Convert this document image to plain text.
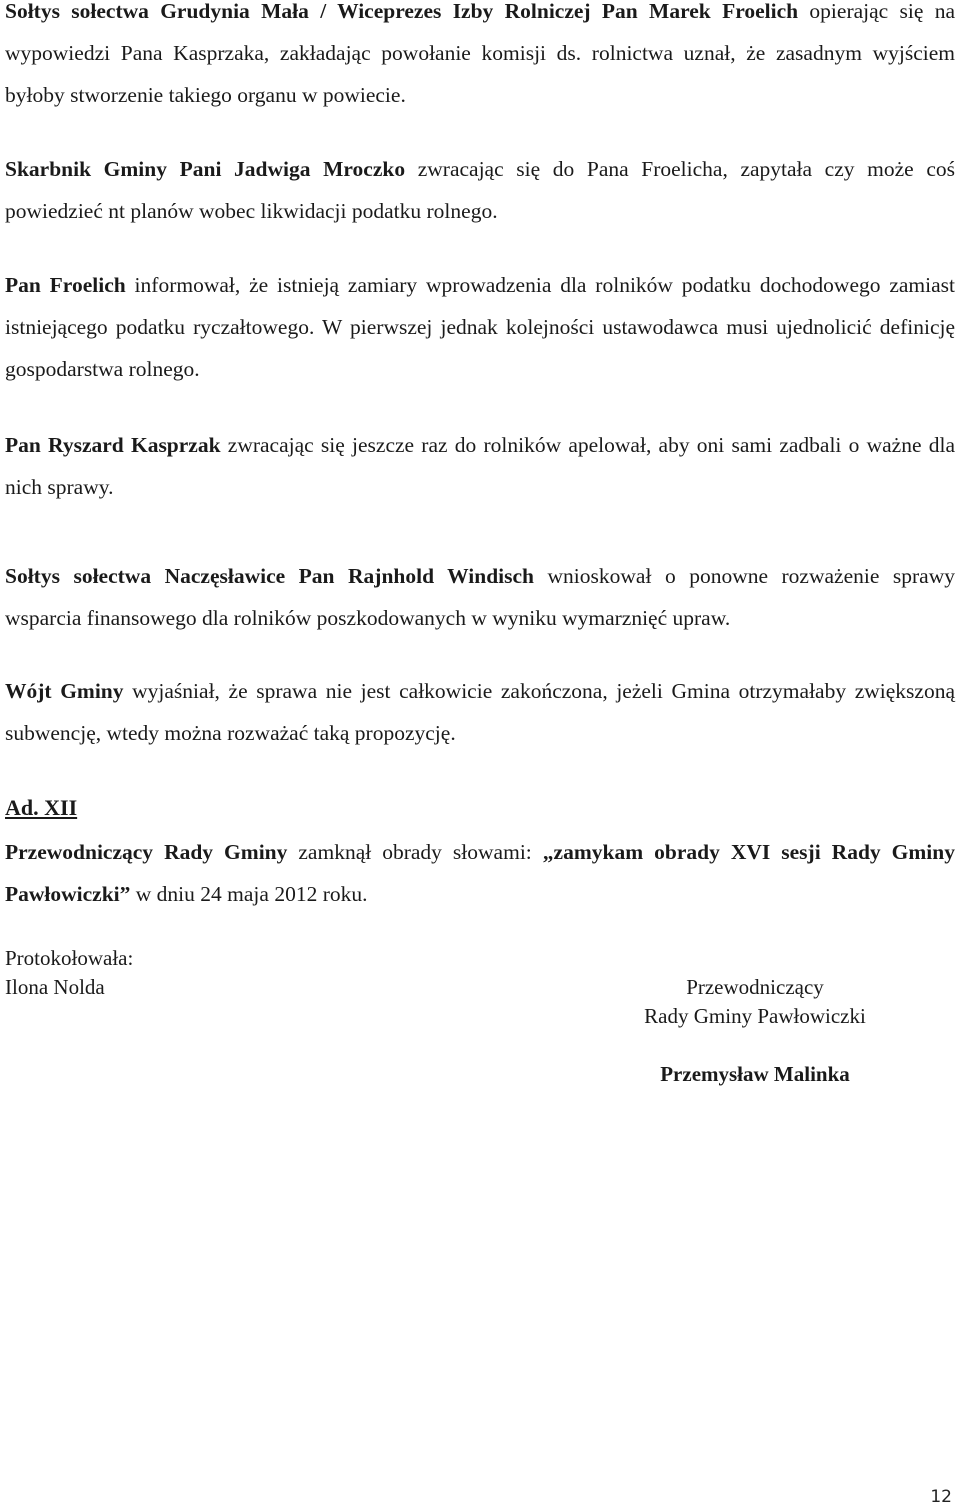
Sołtys sołectwa Grudynia Mała / Wiceprezes Izby Rolniczej Pan Marek Froelich opierając się na wypowiedzi Pana Kasprzaka, zakładając powołanie komisji ds. rolnictwa uznał, że zasadnym wyjściem byłoby stworzenie takiego organu w powiecie.

Skarbnik Gminy Pani Jadwiga Mroczko zwracając się do Pana Froelicha, zapytała czy może coś powiedzieć nt planów wobec likwidacji podatku rolnego.

Pan Froelich informował, że istnieją zamiary wprowadzenia dla rolników podatku dochodowego zamiast istniejącego podatku ryczałtowego. W pierwszej jednak kolejności ustawodawca musi ujednolicić definicję gospodarstwa rolnego.

Pan Ryszard Kasprzak zwracając się jeszcze raz do rolników apelował, aby oni sami zadbali o ważne dla nich sprawy.

Sołtys sołectwa Naczęsławice Pan Rajnhold Windisch wnioskował o ponowne rozważenie sprawy wsparcia finansowego dla rolników poszkodowanych w wyniku wymarznięć upraw.

Wójt Gminy wyjaśniał, że sprawa nie jest całkowicie zakończona, jeżeli Gmina otrzymałaby zwiększoną subwencję, wtedy można rozważać taką propozycję.

Ad. XII

Przewodniczący Rady Gminy zamknął obrady słowami: „zamykam obrady XVI sesji Rady Gminy Pawłowiczki” w dniu 24 maja 2012 roku.

Protokołowała:
Ilona Nolda	Przewodniczący
Rady Gminy Pawłowiczki
Przemysław Malinka
12
